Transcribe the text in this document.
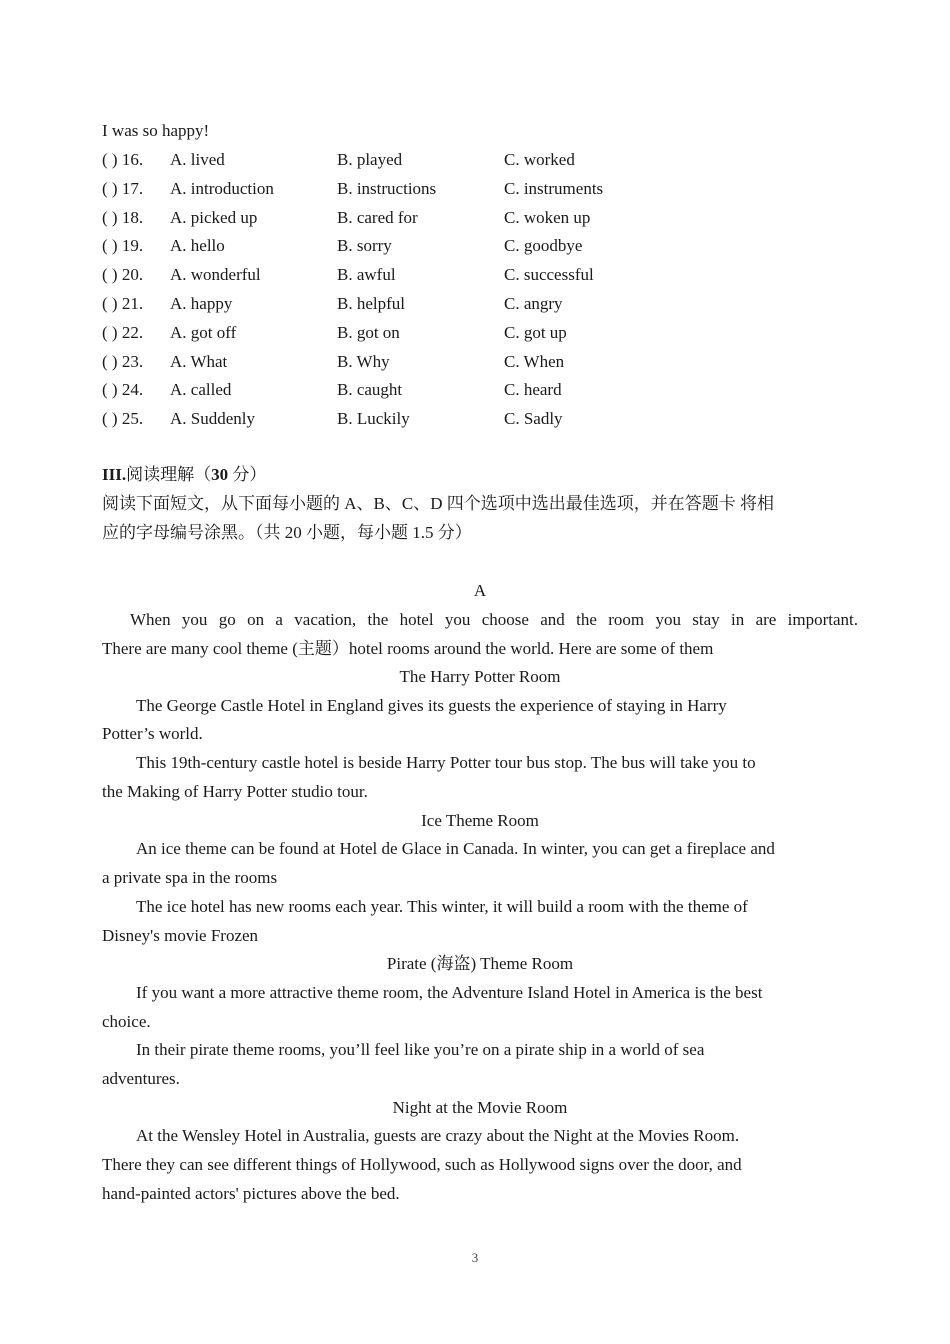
I was so happy!
( ) 16. A. lived	B. played	C. worked
( ) 17. A. introduction	B. instructions	C. instruments
( ) 18. A. picked up	B. cared for	C. woken up
( ) 19. A. hello	B. sorry	C. goodbye
( ) 20. A. wonderful	B. awful	C. successful
( ) 21. A. happy	B. helpful	C. angry
( ) 22. A. got off	B. got on	C. got up
( ) 23. A. What	B. Why	C. When
( ) 24. A. called	B. caught	C. heard
( ) 25. A. Suddenly	B. Luckily	C. Sadly
III.阅读理解（30 分）
阅读下面短文，从下面每小题的 A、B、C、D 四个选项中选出最佳选项，并在答题卡 将相
应的字母编号涂黑。（共 20 小题，每小题 1.5 分）
A
When you go on a vacation, the hotel you choose and the room you stay in are important.
There are many cool theme (主题）hotel rooms around the world. Here are some of them
The Harry Potter Room
The George Castle Hotel in England gives its guests the experience of staying in Harry
Potter’s world.
This 19th-century castle hotel is beside Harry Potter tour bus stop. The bus will take you to
the Making of Harry Potter studio tour.
Ice Theme Room
An ice theme can be found at Hotel de Glace in Canada. In winter, you can get a fireplace and
a private spa in the rooms
The ice hotel has new rooms each year. This winter, it will build a room with the theme of
Disney's movie Frozen
Pirate (海盗) Theme Room
If you want a more attractive theme room, the Adventure Island Hotel in America is the best
choice.
In their pirate theme rooms, you’ll feel like you’re on a pirate ship in a world of sea
adventures.
Night at the Movie Room
At the Wensley Hotel in Australia, guests are crazy about the Night at the Movies Room.
There they can see different things of Hollywood, such as Hollywood signs over the door, and
hand-painted actors' pictures above the bed.
3
